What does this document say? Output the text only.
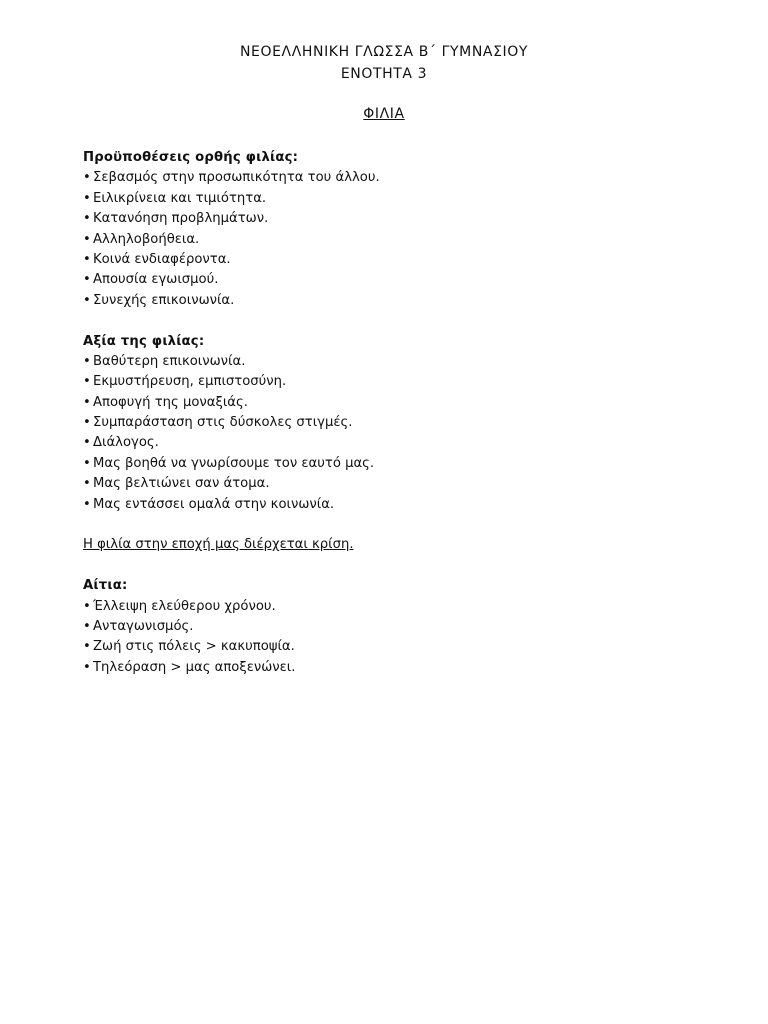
ΝΕΟΕΛΛΗΝΙΚΗ ΓΛΩΣΣΑ Β΄ ΓΥΜΝΑΣΙΟΥ
ΕΝΟΤΗΤΑ 3
ΦΙΛΙΑ
Προϋποθέσεις ορθής φιλίας:
• Σεβασμός στην προσωπικότητα του άλλου.
• Ειλικρίνεια και τιμιότητα.
• Κατανόηση προβλημάτων.
• Αλληλοβοήθεια.
• Κοινά ενδιαφέροντα.
• Απουσία εγωισμού.
• Συνεχής επικοινωνία.
Αξία της φιλίας:
• Βαθύτερη επικοινωνία.
• Εκμυστήρευση, εμπιστοσύνη.
• Αποφυγή της μοναξιάς.
• Συμπαράσταση στις δύσκολες στιγμές.
• Διάλογος.
• Μας βοηθά να γνωρίσουμε τον εαυτό μας.
• Μας βελτιώνει σαν άτομα.
• Μας εντάσσει ομαλά στην κοινωνία.
Η φιλία στην εποχή μας διέρχεται κρίση.
Αίτια:
• Έλλειψη ελεύθερου χρόνου.
• Ανταγωνισμός.
• Ζωή στις πόλεις > κακυποψία.
• Τηλεόραση > μας αποξενώνει.
